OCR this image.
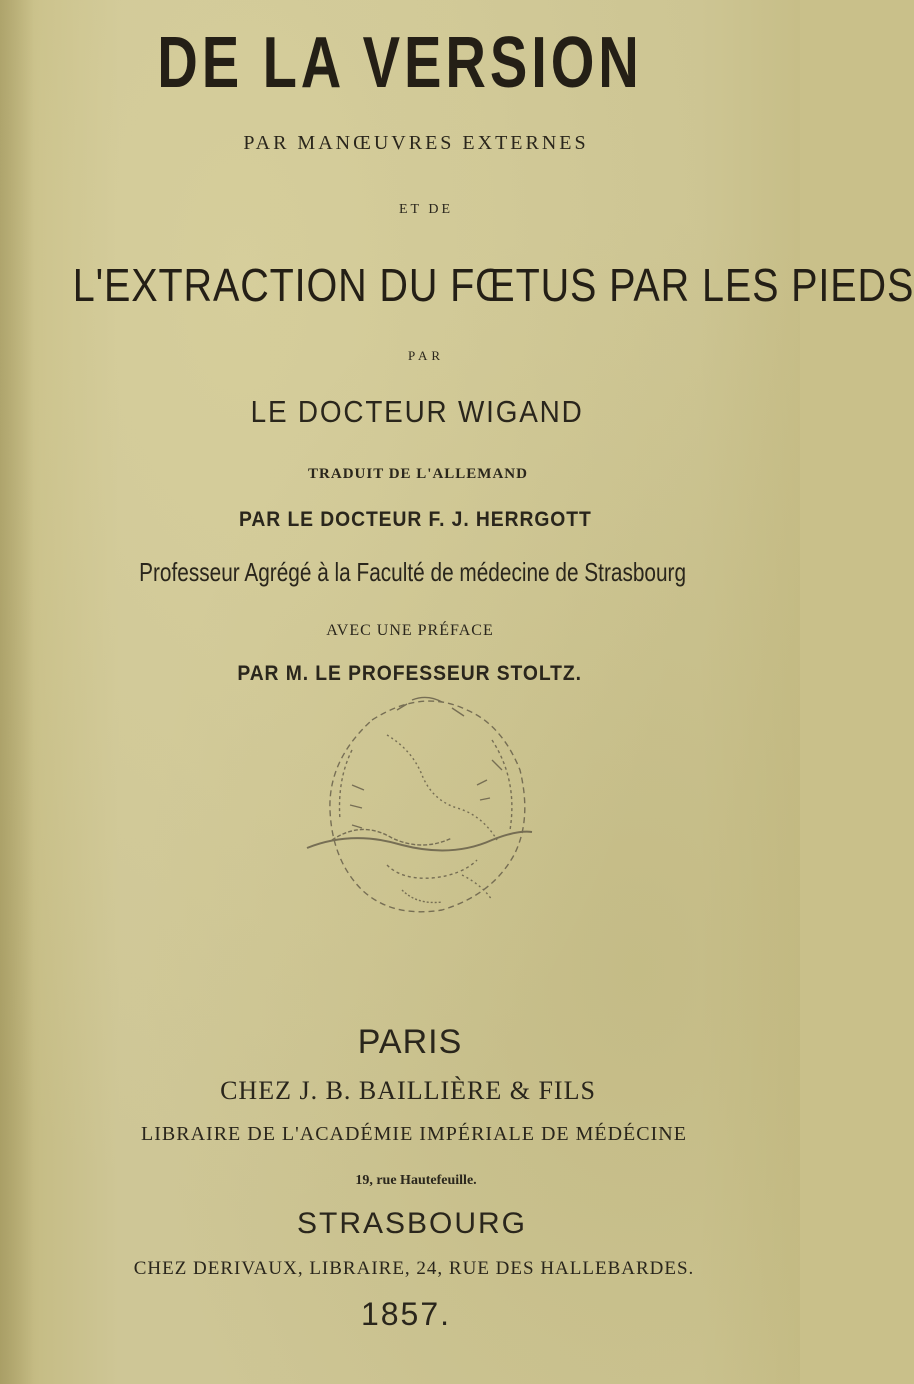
DE LA VERSION
PAR MANŒUVRES EXTERNES
ET DE
L'EXTRACTION DU FŒTUS PAR LES PIEDS
PAR
LE DOCTEUR WIGAND
TRADUIT DE L'ALLEMAND
PAR LE DOCTEUR F. J. HERRGOTT
Professeur Agrégé à la Faculté de médecine de Strasbourg
AVEC UNE PRÉFACE
PAR M. LE PROFESSEUR STOLTZ.
PARIS
CHEZ J. B. BAILLIÈRE & FILS
LIBRAIRE DE L'ACADÉMIE IMPÉRIALE DE MÉDÉCINE
19, rue Hautefeuille.
STRASBOURG
CHEZ DERIVAUX, LIBRAIRE, 24, RUE DES HALLEBARDES.
1857.
